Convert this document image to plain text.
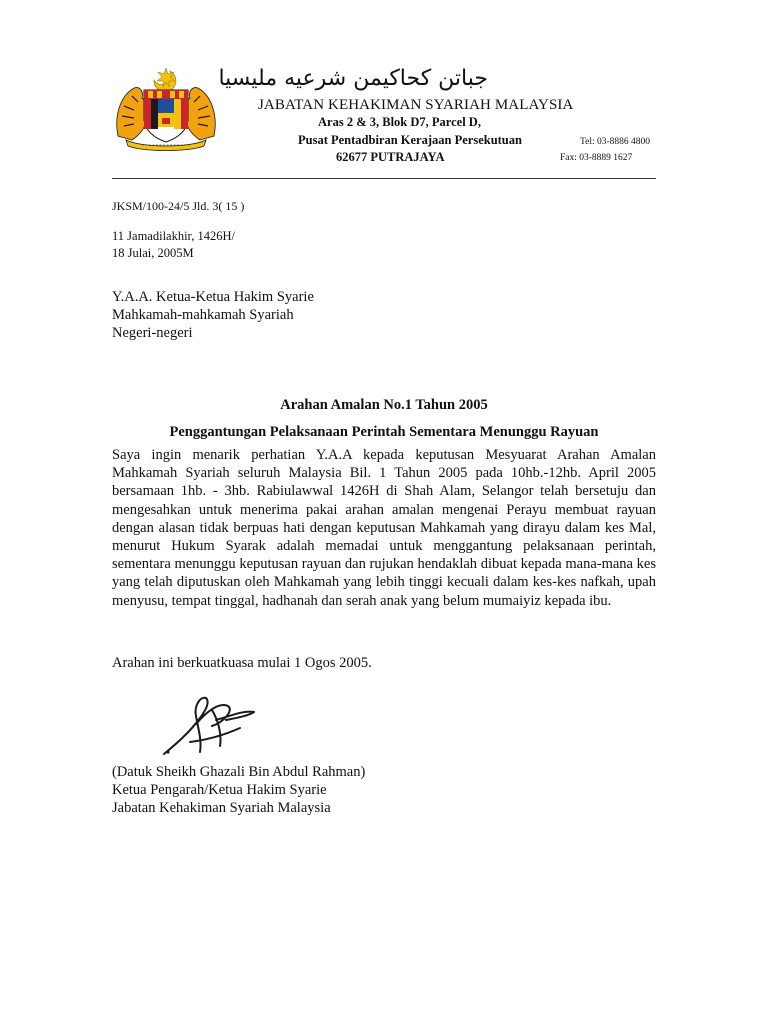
جباتن كحاكيمن شرعيه مليسيا
JABATAN KEHAKIMAN SYARIAH MALAYSIA
Aras 2 & 3, Blok D7, Parcel D,
Pusat Pentadbiran Kerajaan Persekutuan
62677 PUTRAJAYA
Tel: 03-8886 4800
Fax: 03-8889 1627
JKSM/100-24/5 Jld. 3( 15 )
11 Jamadilakhir, 1426H/
18 Julai, 2005M
Y.A.A. Ketua-Ketua Hakim Syarie
Mahkamah-mahkamah Syariah
Negeri-negeri
Arahan Amalan No.1 Tahun 2005
Penggantungan Pelaksanaan Perintah Sementara Menunggu Rayuan
Saya ingin menarik perhatian Y.A.A kepada keputusan Mesyuarat Arahan Amalan Mahkamah Syariah seluruh Malaysia Bil. 1 Tahun 2005 pada 10hb.-12hb. April 2005 bersamaan 1hb. - 3hb. Rabiulawwal 1426H di Shah Alam, Selangor telah bersetuju dan mengesahkan untuk menerima pakai arahan amalan mengenai Perayu membuat rayuan dengan alasan tidak berpuas hati dengan keputusan Mahkamah yang dirayu dalam kes Mal, menurut Hukum Syarak adalah memadai untuk menggantung pelaksanaan perintah, sementara menunggu keputusan rayuan dan rujukan hendaklah dibuat kepada mana-mana kes yang telah diputuskan oleh Mahkamah yang lebih tinggi kecuali dalam kes-kes nafkah, upah menyusu, tempat tinggal, hadhanah dan serah anak yang belum mumaiyiz kepada ibu.
Arahan ini berkuatkuasa mulai 1 Ogos 2005.
(Datuk Sheikh Ghazali Bin Abdul Rahman)
Ketua Pengarah/Ketua Hakim Syarie
Jabatan Kehakiman Syariah Malaysia
